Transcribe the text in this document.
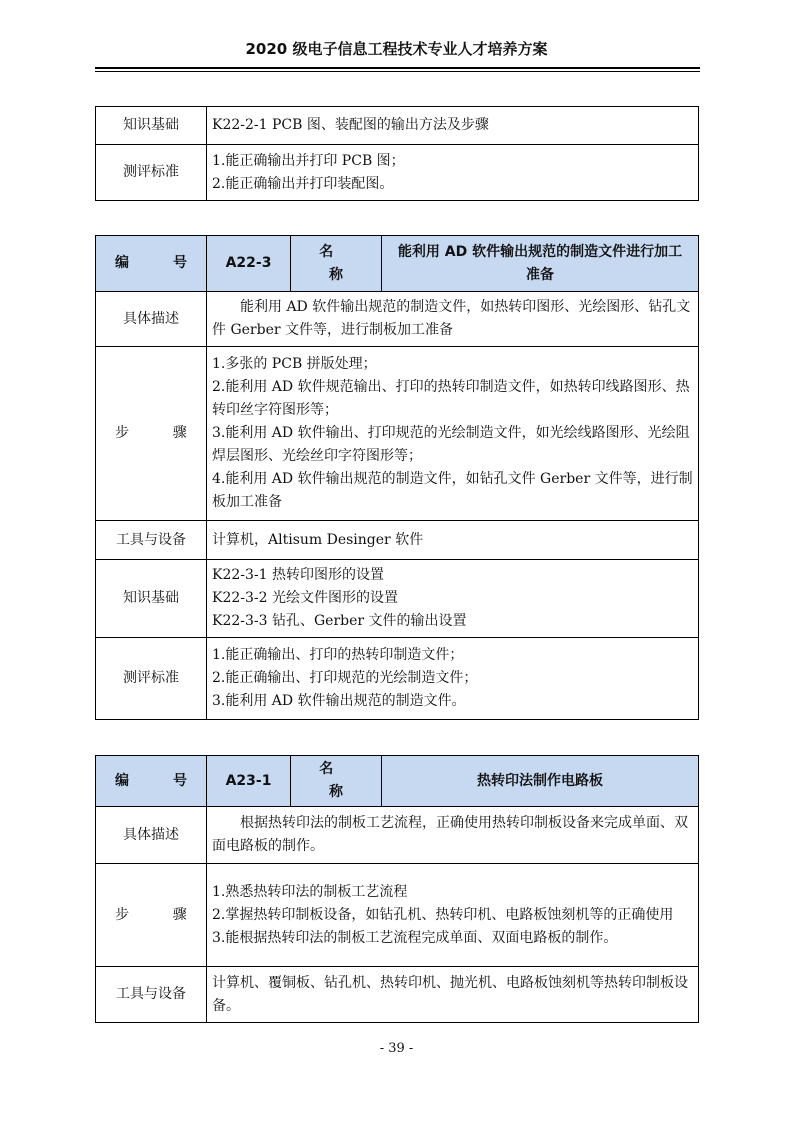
2020 级电子信息工程技术专业人才培养方案
知识基础	K22-2-1 PCB 图、装配图的输出方法及步骤

测评标准	1.能正确输出并打印 PCB 图；
2.能正确输出并打印装配图。
编 号	A22-3	名 称	能利用 AD 软件输出规范的制造文件进行加工
准备

具体描述	能利用 AD 软件输出规范的制造文件，如热转印图形、光绘图形、钻孔文件 Gerber 文件等，进行制板加工准备		
步 骤	1.多张的 PCB 拼版处理；
2.能利用 AD 软件规范输出、打印的热转印制造文件，如热转印线路图形、热转印丝字符图形等；
3.能利用 AD 软件输出、打印规范的光绘制造文件，如光绘线路图形、光绘阻焊层图形、光绘丝印字符图形等；
4.能利用 AD 软件输出规范的制造文件，如钻孔文件 Gerber 文件等，进行制板加工准备		

工具与设备	计算机，Altisum Desinger 软件		
知识基础	K22-3-1 热转印图形的设置
K22-3-2 光绘文件图形的设置
K22-3-3 钻孔、Gerber 文件的输出设置		

测评标准	1.能正确输出、打印的热转印制造文件；
2.能正确输出、打印规范的光绘制造文件；
3.能利用 AD 软件输出规范的制造文件。		
编 号	A23-1	名 称	热转印法制作电路板
具体描述	根据热转印法的制板工艺流程，正确使用热转印制板设备来完成单面、双面电路板的制作。		
步 骤	1.熟悉热转印法的制板工艺流程
2.掌握热转印制板设备，如钻孔机、热转印机、电路板蚀刻机等的正确使用
3.能根据热转印法的制板工艺流程完成单面、双面电路板的制作。		

工具与设备	计算机、覆铜板、钻孔机、热转印机、抛光机、电路板蚀刻机等热转印制板设备。		
- 39 -
